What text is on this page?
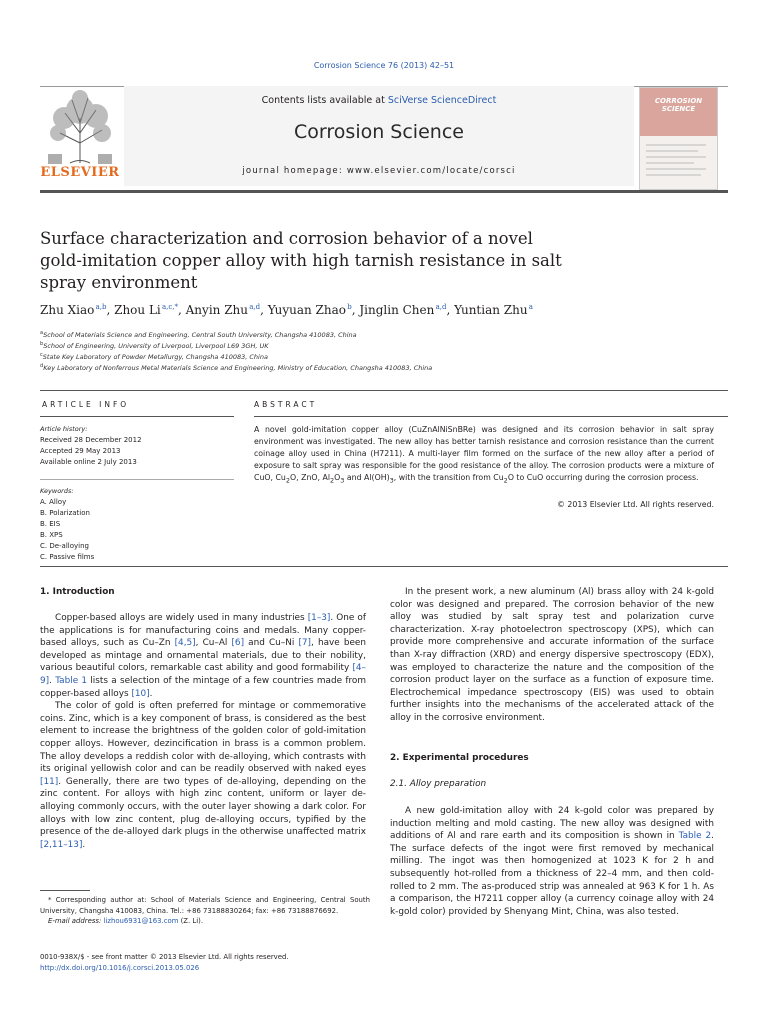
Corrosion Science 76 (2013) 42–51
Contents lists available at SciVerse ScienceDirect
Corrosion Science
journal homepage: www.elsevier.com/locate/corsci
ELSEVIER
CORROSION SCIENCE
Surface characterization and corrosion behavior of a novel
gold-imitation copper alloy with high tarnish resistance in salt
spray environment
Zhu Xiao $^{a,b}$, Zhou Li $^{a,c,*}$, Anyin Zhu $^{a,d}$, Yuyuan Zhao $^b$, Jinglin Chen $^{a,d}$, Yuntian Zhu $^a$
$^a$School of Materials Science and Engineering, Central South University, Changsha 410083, China
$^b$School of Engineering, University of Liverpool, Liverpool L69 3GH, UK
$^c$State Key Laboratory of Powder Metallurgy, Changsha 410083, China
$^d$Key Laboratory of Nonferrous Metal Materials Science and Engineering, Ministry of Education, Changsha 410083, China
ARTICLE INFO	ABSTRACT
Article history:
Received 28 December 2012
Accepted 29 May 2013
Available online 2 July 2013
Keywords:
A. Alloy
B. Polarization
B. EIS
B. XPS
C. De-alloying
C. Passive films
A novel gold-imitation copper alloy (CuZnAlNiSnBRe) was designed and its corrosion behavior in salt spray environment was investigated. The new alloy has better tarnish resistance and corrosion resistance than the current coinage alloy used in China (H7211). A multi-layer film formed on the surface of the new alloy after a period of exposure to salt spray was responsible for the good resistance of the alloy. The corrosion products were a mixture of CuO, $Cu_2O$, ZnO, $Al_2O_3$ and $Al(OH)_3$, with the transition from $Cu_2O$ to CuO occurring during the corrosion process.
© 2013 Elsevier Ltd. All rights reserved.
1. Introduction

Copper-based alloys are widely used in many industries [1–3]. One of the applications is for manufacturing coins and medals. Many copper-based alloys, such as Cu–Zn [4,5], Cu–Al [6] and Cu–Ni [7], have been developed as mintage and ornamental materials, due to their nobility, various beautiful colors, remarkable cast ability and good formability [4–9]. Table 1 lists a selection of the mintage of a few countries made from copper-based alloys [10].

The color of gold is often preferred for mintage or commemorative coins. Zinc, which is a key component of brass, is considered as the best element to increase the brightness of the golden color of gold-imitation copper alloys. However, dezincification in brass is a common problem. The alloy develops a reddish color with de-alloying, which contrasts with its original yellowish color and can be readily observed with naked eyes [11]. Generally, there are two types of de-alloying, depending on the zinc content. For alloys with high zinc content, uniform or layer de-alloying commonly occurs, with the outer layer showing a dark color. For alloys with low zinc content, plug de-alloying occurs, typified by the presence of the de-alloyed dark plugs in the otherwise unaffected matrix [2,11–13].

* Corresponding author at: School of Materials Science and Engineering, Central South University, Changsha 410083, China. Tel.: +86 73188830264; fax: +86 73188876692.
E-mail address: lizhou6931@163.com (Z. Li).
0010-938X/$ - see front matter © 2013 Elsevier Ltd. All rights reserved.
http://dx.doi.org/10.1016/j.corsci.2013.05.026

In the present work, a new aluminum (Al) brass alloy with 24 k-gold color was designed and prepared. The corrosion behavior of the new alloy was studied by salt spray test and polarization curve characterization. X-ray photoelectron spectroscopy (XPS), which can provide more comprehensive and accurate information of the surface than X-ray diffraction (XRD) and energy dispersive spectroscopy (EDX), was employed to characterize the nature and the composition of the corrosion product layer on the surface as a function of exposure time. Electrochemical impedance spectroscopy (EIS) was used to obtain further insights into the mechanisms of the accelerated attack of the alloy in the corrosive environment.

2. Experimental procedures
2.1. Alloy preparation

A new gold-imitation alloy with 24 k-gold color was prepared by induction melting and mold casting. The new alloy was designed with additions of Al and rare earth and its composition is shown in Table 2. The surface defects of the ingot were first removed by mechanical milling. The ingot was then homogenized at 1023 K for 2 h and subsequently hot-rolled from a thickness of 22–4 mm, and then cold-rolled to 2 mm. The as-produced strip was annealed at 963 K for 1 h. As a comparison, the H7211 copper alloy (a currency coinage alloy with 24 k-gold color) provided by Shenyang Mint, China, was also tested.
